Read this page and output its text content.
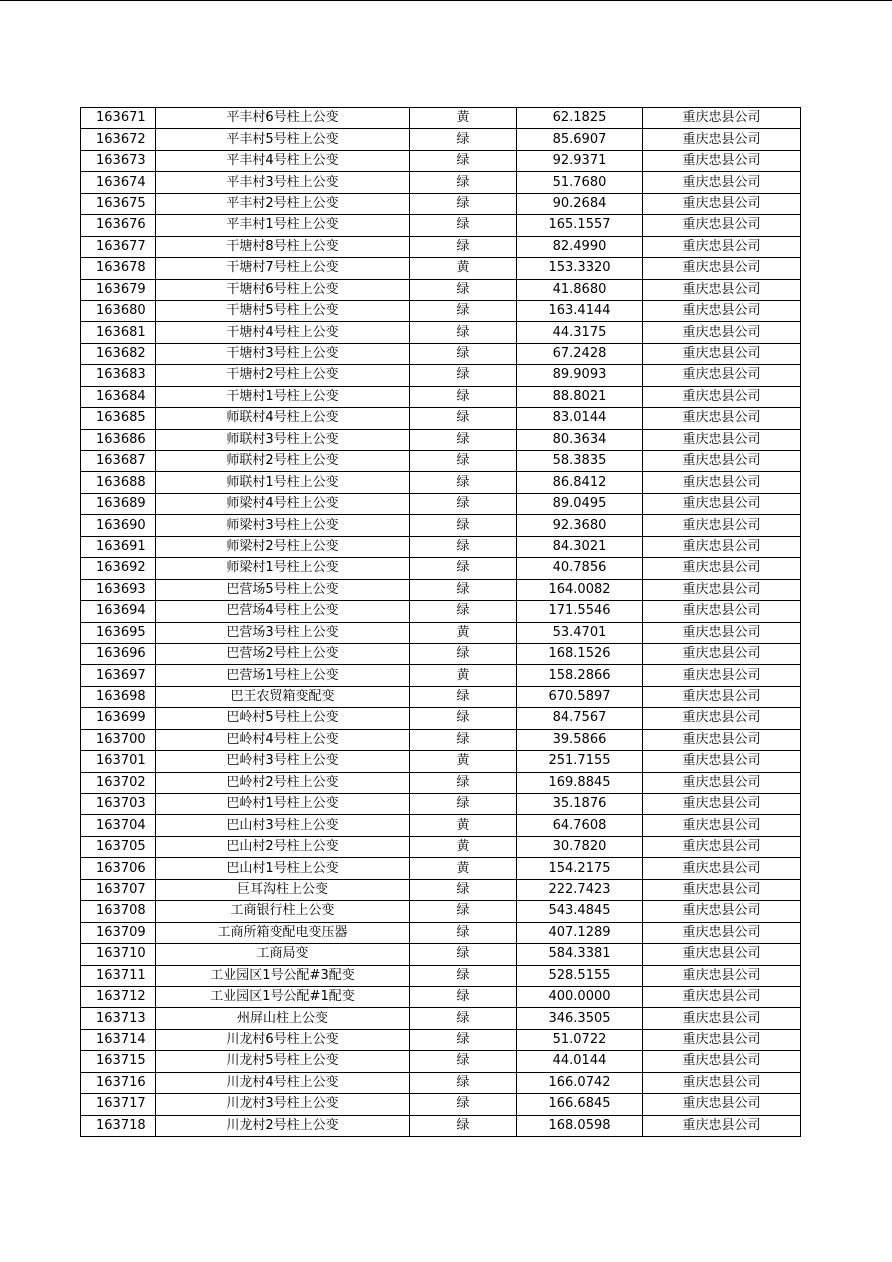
163671	平丰村6号柱上公变	黄	62.1825	重庆忠县公司
163672	平丰村5号柱上公变	绿	85.6907	重庆忠县公司
163673	平丰村4号柱上公变	绿	92.9371	重庆忠县公司
163674	平丰村3号柱上公变	绿	51.7680	重庆忠县公司
163675	平丰村2号柱上公变	绿	90.2684	重庆忠县公司
163676	平丰村1号柱上公变	绿	165.1557	重庆忠县公司
163677	干塘村8号柱上公变	绿	82.4990	重庆忠县公司
163678	干塘村7号柱上公变	黄	153.3320	重庆忠县公司
163679	干塘村6号柱上公变	绿	41.8680	重庆忠县公司
163680	干塘村5号柱上公变	绿	163.4144	重庆忠县公司
163681	干塘村4号柱上公变	绿	44.3175	重庆忠县公司
163682	干塘村3号柱上公变	绿	67.2428	重庆忠县公司
163683	干塘村2号柱上公变	绿	89.9093	重庆忠县公司
163684	干塘村1号柱上公变	绿	88.8021	重庆忠县公司
163685	师联村4号柱上公变	绿	83.0144	重庆忠县公司
163686	师联村3号柱上公变	绿	80.3634	重庆忠县公司
163687	师联村2号柱上公变	绿	58.3835	重庆忠县公司
163688	师联村1号柱上公变	绿	86.8412	重庆忠县公司
163689	师梁村4号柱上公变	绿	89.0495	重庆忠县公司
163690	师梁村3号柱上公变	绿	92.3680	重庆忠县公司
163691	师梁村2号柱上公变	绿	84.3021	重庆忠县公司
163692	师梁村1号柱上公变	绿	40.7856	重庆忠县公司
163693	巴营场5号柱上公变	绿	164.0082	重庆忠县公司
163694	巴营场4号柱上公变	绿	171.5546	重庆忠县公司
163695	巴营场3号柱上公变	黄	53.4701	重庆忠县公司
163696	巴营场2号柱上公变	绿	168.1526	重庆忠县公司
163697	巴营场1号柱上公变	黄	158.2866	重庆忠县公司
163698	巴王农贸箱变配变	绿	670.5897	重庆忠县公司
163699	巴岭村5号柱上公变	绿	84.7567	重庆忠县公司
163700	巴岭村4号柱上公变	绿	39.5866	重庆忠县公司
163701	巴岭村3号柱上公变	黄	251.7155	重庆忠县公司
163702	巴岭村2号柱上公变	绿	169.8845	重庆忠县公司
163703	巴岭村1号柱上公变	绿	35.1876	重庆忠县公司
163704	巴山村3号柱上公变	黄	64.7608	重庆忠县公司
163705	巴山村2号柱上公变	黄	30.7820	重庆忠县公司
163706	巴山村1号柱上公变	黄	154.2175	重庆忠县公司
163707	巨耳沟柱上公变	绿	222.7423	重庆忠县公司
163708	工商银行柱上公变	绿	543.4845	重庆忠县公司
163709	工商所箱变配电变压器	绿	407.1289	重庆忠县公司
163710	工商局变	绿	584.3381	重庆忠县公司
163711	工业园区1号公配#3配变	绿	528.5155	重庆忠县公司
163712	工业园区1号公配#1配变	绿	400.0000	重庆忠县公司
163713	州屏山柱上公变	绿	346.3505	重庆忠县公司
163714	川龙村6号柱上公变	绿	51.0722	重庆忠县公司
163715	川龙村5号柱上公变	绿	44.0144	重庆忠县公司
163716	川龙村4号柱上公变	绿	166.0742	重庆忠县公司
163717	川龙村3号柱上公变	绿	166.6845	重庆忠县公司
163718	川龙村2号柱上公变	绿	168.0598	重庆忠县公司
